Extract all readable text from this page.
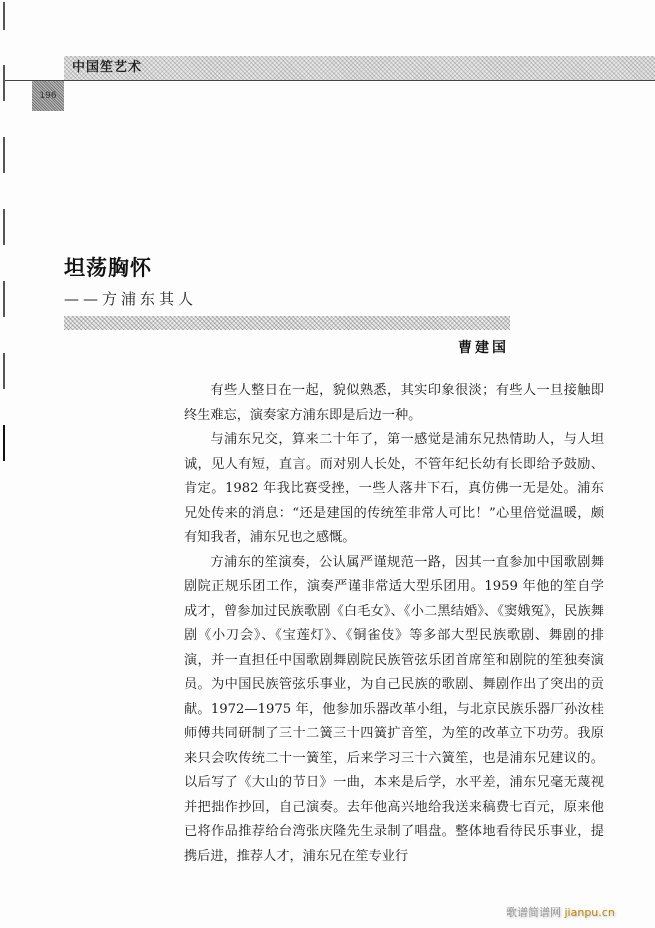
中国笙艺术
196
坦荡胸怀
——方浦东其人
曹建国

有些人整日在一起，貌似熟悉，其实印象很淡；有些人一旦接触即终生难忘，演奏家方浦东即是后边一种。

与浦东兄交，算来二十年了，第一感觉是浦东兄热情助人，与人坦诚，见人有短，直言。而对别人长处，不管年纪长幼有长即给予鼓励、肯定。1982 年我比赛受挫，一些人落井下石，真仿佛一无是处。浦东兄处传来的消息：“还是建国的传统笙非常人可比！”心里倍觉温暖，颇有知我者，浦东兄也之感慨。

方浦东的笙演奏，公认属严谨规范一路，因其一直参加中国歌剧舞剧院正规乐团工作，演奏严谨非常适大型乐团用。1959 年他的笙自学成才，曾参加过民族歌剧《白毛女》、《小二黑结婚》、《窦娥冤》，民族舞剧《小刀会》、《宝莲灯》、《铜雀伎》等多部大型民族歌剧、舞剧的排演，并一直担任中国歌剧舞剧院民族管弦乐团首席笙和剧院的笙独奏演员。为中国民族管弦乐事业，为自己民族的歌剧、舞剧作出了突出的贡献。1972—1975 年，他参加乐器改革小组，与北京民族乐器厂孙汝桂师傅共同研制了三十二簧三十四簧扩音笙，为笙的改革立下功劳。我原来只会吹传统二十一簧笙，后来学习三十六簧笙，也是浦东兄建议的。以后写了《大山的节日》一曲，本来是后学，水平差，浦东兄毫无蔑视并把拙作抄回，自己演奏。去年他高兴地给我送来稿费七百元，原来他已将作品推荐给台湾张庆隆先生录制了唱盘。整体地看待民乐事业，提携后进，推荐人才，浦东兄在笙专业行

歌谱简谱网 jianpu.cn
